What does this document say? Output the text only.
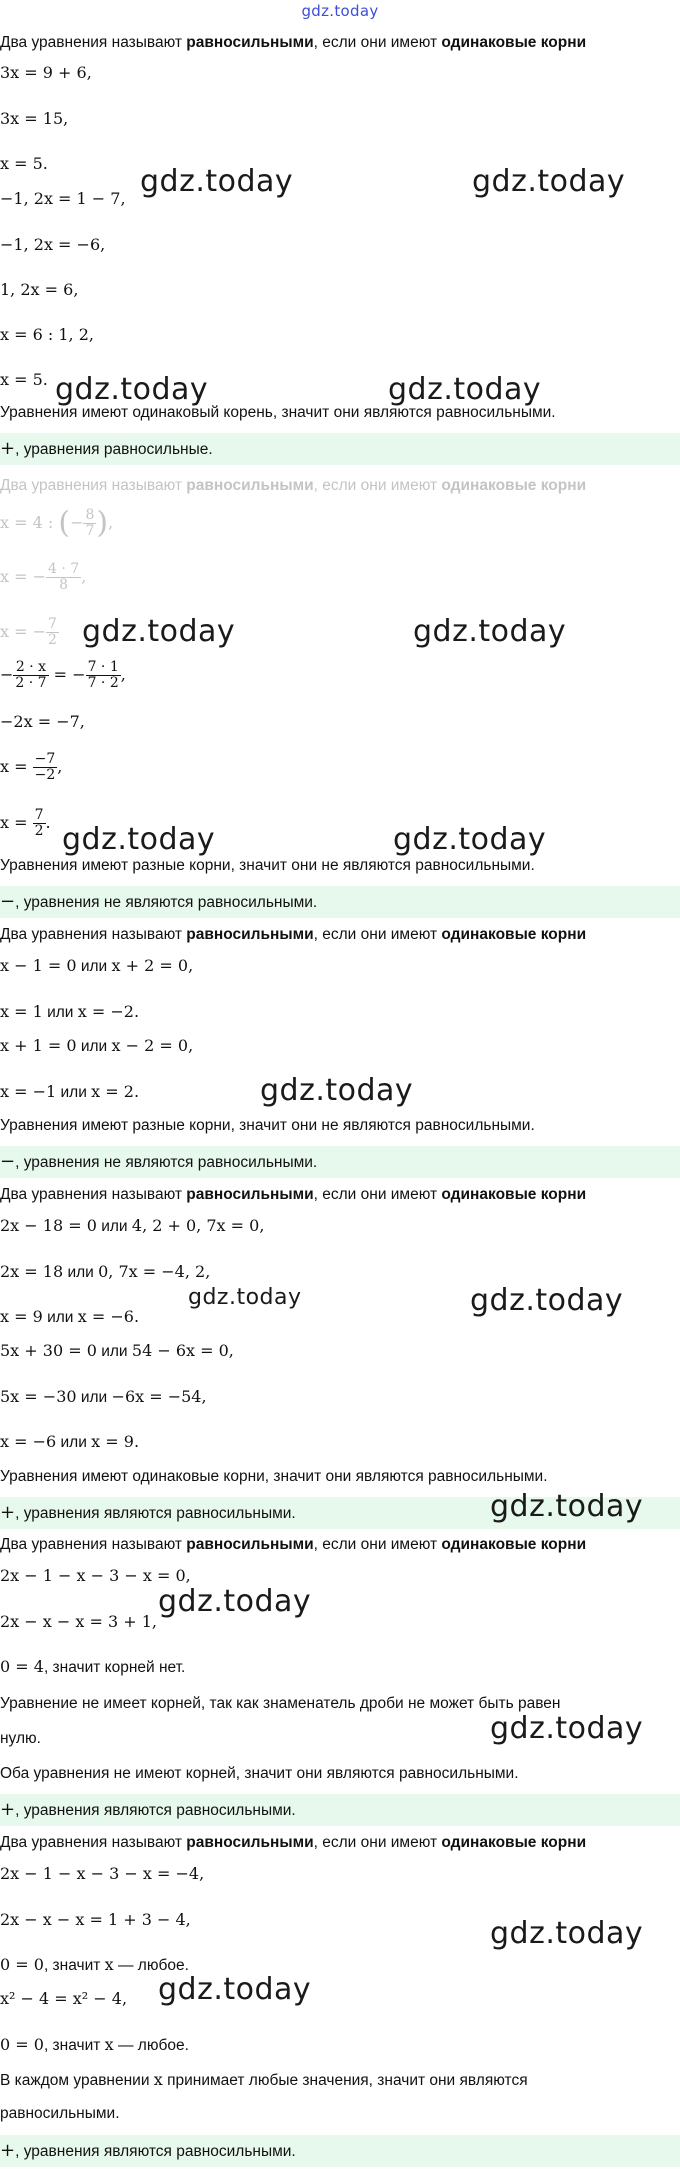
gdz.today
Два уравнения называют равносильными, если они имеют одинаковые корни
3x = 9 + 6,
3x = 15,
x = 5.
−1, 2x = 1 − 7,
−1, 2x = −6,
1, 2x = 6,
x = 6 : 1, 2,
x = 5.
gdz.today	gdz.today
gdz.today	gdz.today
Уравнения имеют одинаковый корень, значит они являются равносильными.
+, уравнения равносильные.
Два уравнения называют равносильными, если они имеют одинаковые корни
x = 4 : (− $\frac{8}{7}$ ),
x = − $\frac{4 \cdot 7}{8}$ ,
x = − $\frac{7}{2}$
− $\frac{2 \cdot x}{2 \cdot 7}$ = − $\frac{7 \cdot 1}{7 \cdot 2}$ ,
−2x = −7,
$x = \frac{-7}{-2}$ ,
$x = \frac{7}{2}$ .
gdz.today	gdz.today
gdz.today	gdz.today
Уравнения имеют разные корни, значит они не являются равносильными.
−, уравнения не являются равносильными.
Два уравнения называют равносильными, если они имеют одинаковые корни
x − 1 = 0 или x + 2 = 0,
x = 1 или x = −2.
x + 1 = 0 или x − 2 = 0,
x = −1 или x = 2.	gdz.today
Уравнения имеют разные корни, значит они не являются равносильными.
−, уравнения не являются равносильными.
Два уравнения называют равносильными, если они имеют одинаковые корни
2x − 18 = 0 или 4, 2 + 0, 7x = 0,
2x = 18 или 0, 7x = −4, 2,
x = 9 или x = −6.
5x + 30 = 0 или 54 − 6x = 0,
5x = −30 или −6x = −54,
x = −6 или x = 9.
gdz.today	gdz.today
Уравнения имеют одинаковые корни, значит они являются равносильными.
+, уравнения являются равносильными.	gdz.today
Два уравнения называют равносильными, если они имеют одинаковые корни
2x − 1 − x − 3 − x = 0,
2x − x − x = 3 + 1,
gdz.today
0 = 4, значит корней нет.
Уравнение не имеет корней, так как знаменатель дроби не может быть равен
нулю.	gdz.today
Оба уравнения не имеют корней, значит они являются равносильными.
+, уравнения являются равносильными.
Два уравнения называют равносильными, если они имеют одинаковые корни
2x − 1 − x − 3 − x = −4,
2x − x − x = 1 + 3 − 4,
0 = 0, значит x — любое.
x² − 4 = x² − 4,
0 = 0, значит x — любое.
gdz.today
gdz.today
В каждом уравнении x принимает любые значения, значит они являются
равносильными.
+, уравнения являются равносильными.
